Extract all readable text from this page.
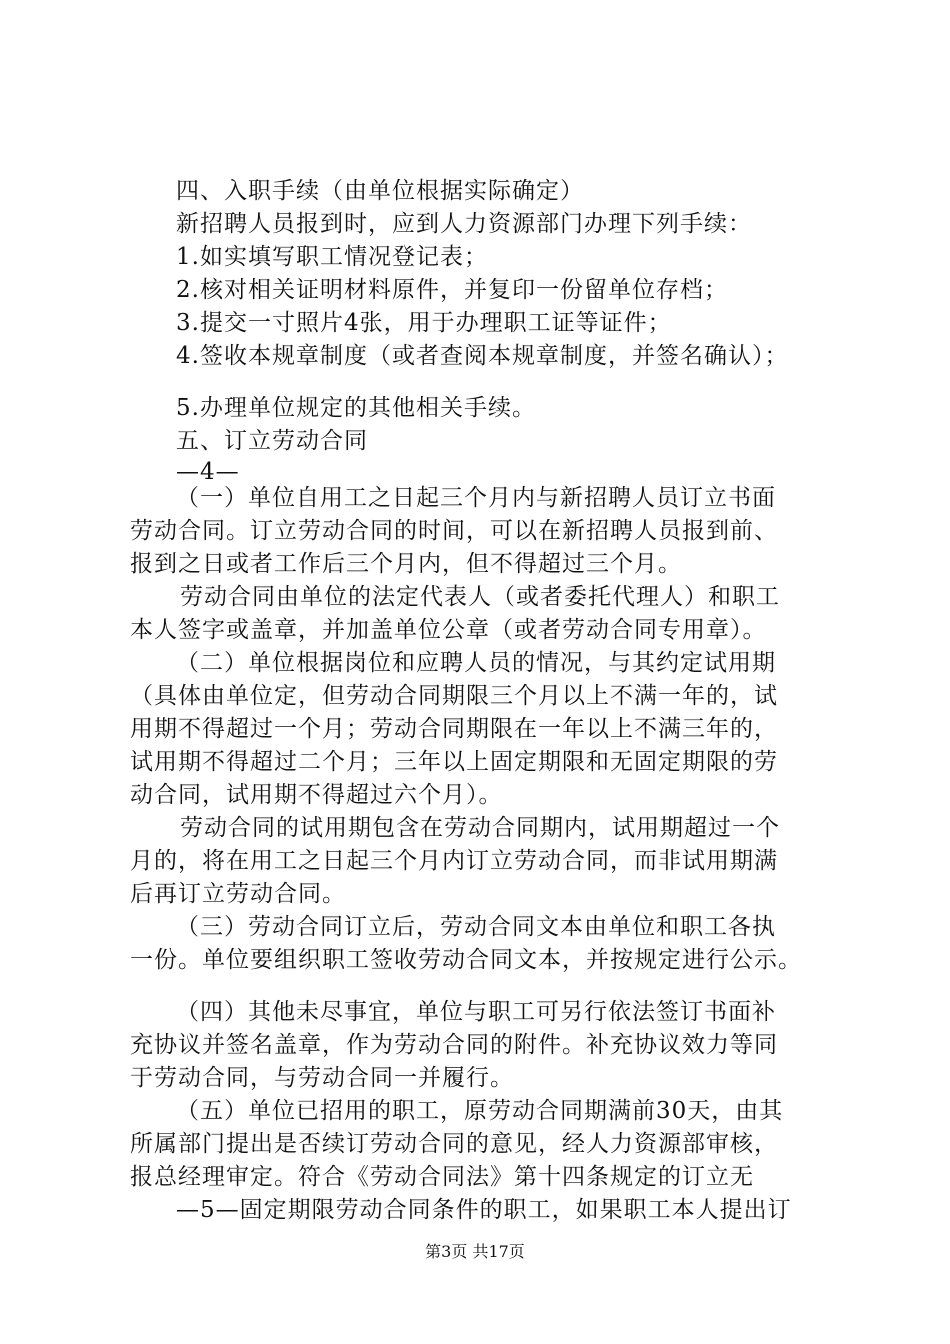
四、入职手续（由单位根据实际确定）
新招聘人员报到时，应到人力资源部门办理下列手续：
1.如实填写职工情况登记表；
2.核对相关证明材料原件，并复印一份留单位存档；
3.提交一寸照片4张，用于办理职工证等证件；
4.签收本规章制度（或者查阅本规章制度，并签名确认）；
5.办理单位规定的其他相关手续。
五、订立劳动合同
—4—
（一）单位自用工之日起三个月内与新招聘人员订立书面
劳动合同。订立劳动合同的时间，可以在新招聘人员报到前、
报到之日或者工作后三个月内，但不得超过三个月。
劳动合同由单位的法定代表人（或者委托代理人）和职工
本人签字或盖章，并加盖单位公章（或者劳动合同专用章）。
（二）单位根据岗位和应聘人员的情况，与其约定试用期
（具体由单位定，但劳动合同期限三个月以上不满一年的，试
用期不得超过一个月；劳动合同期限在一年以上不满三年的，
试用期不得超过二个月；三年以上固定期限和无固定期限的劳
动合同，试用期不得超过六个月）。
劳动合同的试用期包含在劳动合同期内，试用期超过一个
月的，将在用工之日起三个月内订立劳动合同，而非试用期满
后再订立劳动合同。
（三）劳动合同订立后，劳动合同文本由单位和职工各执
一份。单位要组织职工签收劳动合同文本，并按规定进行公示。
（四）其他未尽事宜，单位与职工可另行依法签订书面补
充协议并签名盖章，作为劳动合同的附件。补充协议效力等同
于劳动合同，与劳动合同一并履行。
（五）单位已招用的职工，原劳动合同期满前30天，由其
所属部门提出是否续订劳动合同的意见，经人力资源部审核，
报总经理审定。符合《劳动合同法》第十四条规定的订立无
—5—固定期限劳动合同条件的职工，如果职工本人提出订
第3页 共17页
